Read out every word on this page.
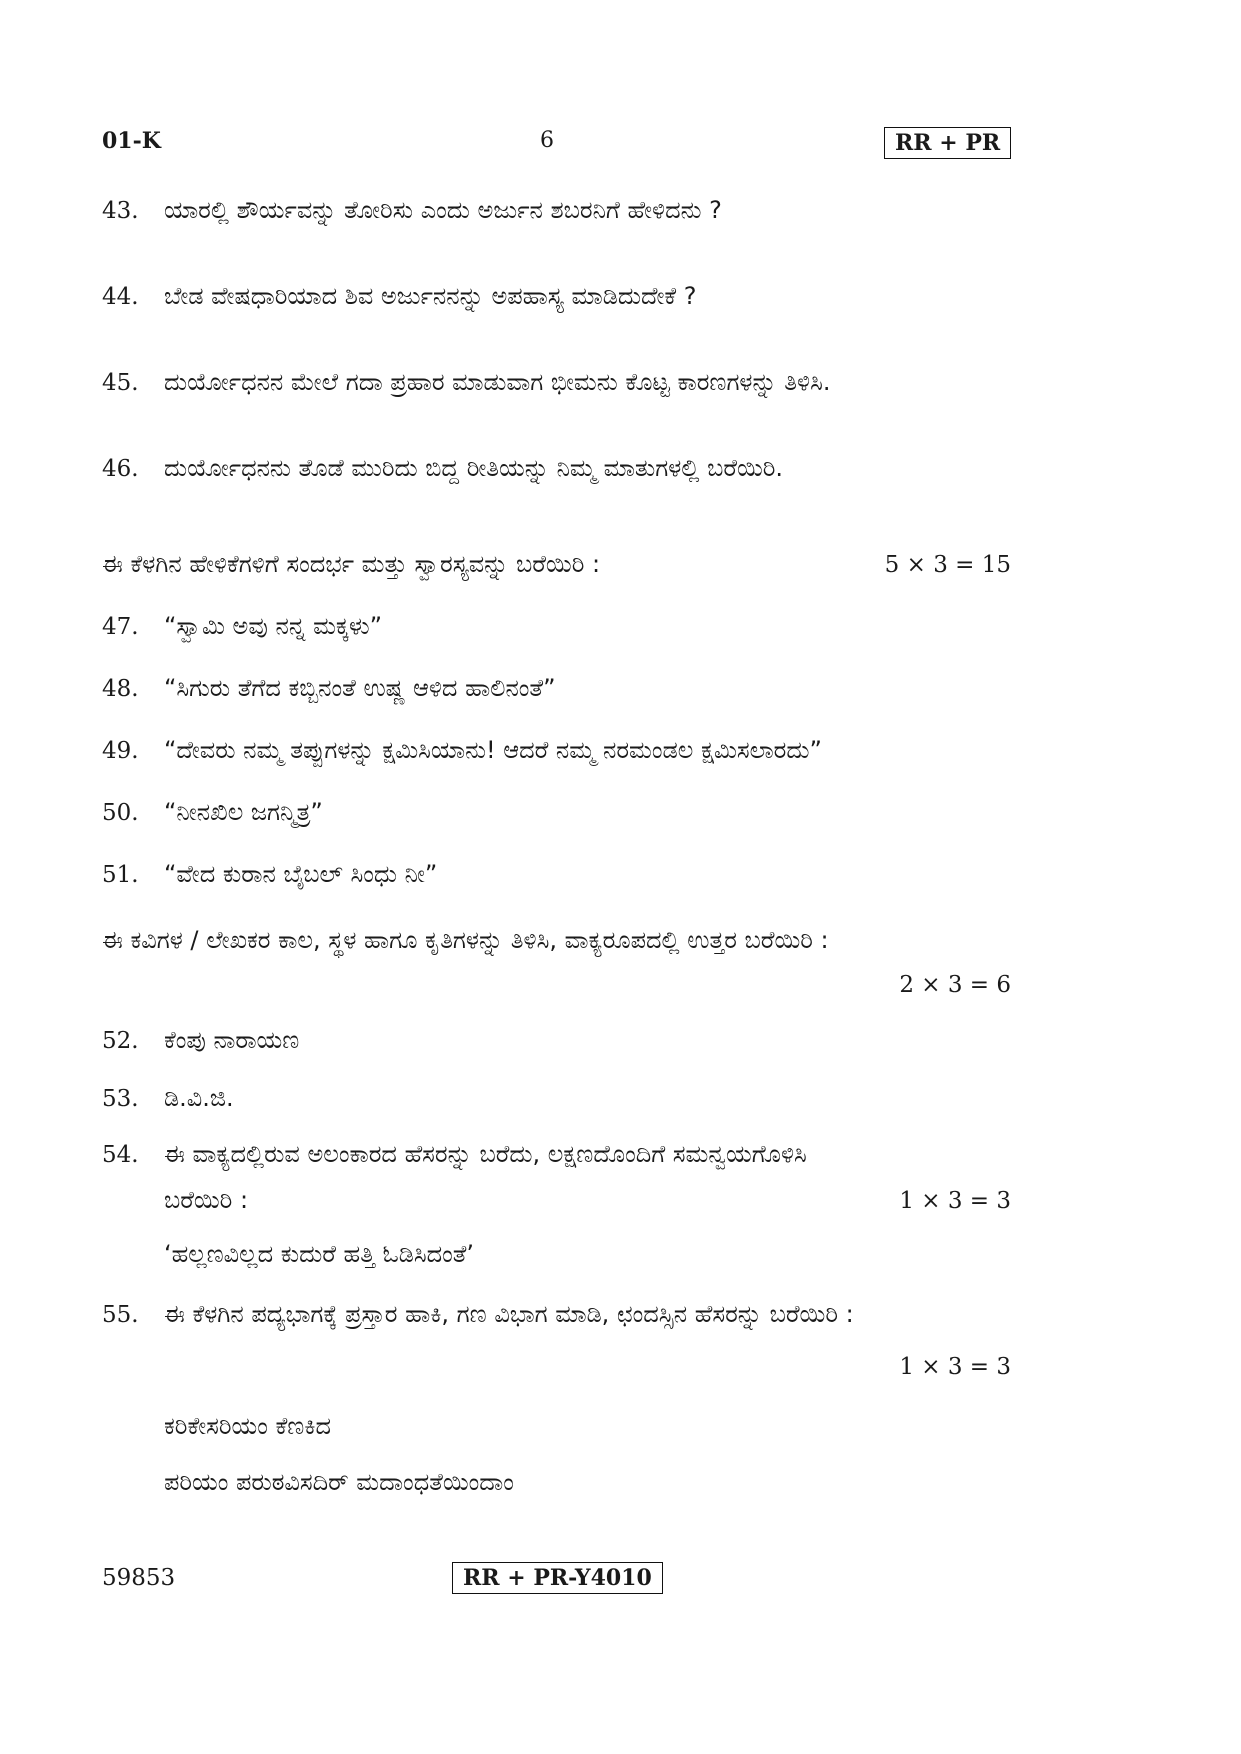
01-K	6	RR + PR
43. ಯಾರಲ್ಲಿ ಶೌರ್ಯವನ್ನು ತೋರಿಸು ಎಂದು ಅರ್ಜುನ ಶಬರನಿಗೆ ಹೇಳಿದನು ?
44. ಬೇಡ ವೇಷಧಾರಿಯಾದ ಶಿವ ಅರ್ಜುನನನ್ನು ಅಪಹಾಸ್ಯ ಮಾಡಿದುದೇಕೆ ?
45. ದುರ್ಯೋಧನನ ಮೇಲೆ ಗದಾ ಪ್ರಹಾರ ಮಾಡುವಾಗ ಭೀಮನು ಕೊಟ್ಟ ಕಾರಣಗಳನ್ನು ತಿಳಿಸಿ.
46. ದುರ್ಯೋಧನನು ತೊಡೆ ಮುರಿದು ಬಿದ್ದ ರೀತಿಯನ್ನು ನಿಮ್ಮ ಮಾತುಗಳಲ್ಲಿ ಬರೆಯಿರಿ.
ಈ ಕೆಳಗಿನ ಹೇಳಿಕೆಗಳಿಗೆ ಸಂದರ್ಭ ಮತ್ತು ಸ್ವಾರಸ್ಯವನ್ನು ಬರೆಯಿರಿ :	5 × 3 = 15
47. “ಸ್ವಾಮಿ ಅವು ನನ್ನ ಮಕ್ಕಳು”
48. “ಸಿಗುರು ತೆಗೆದ ಕಬ್ಬಿನಂತೆ ಉಷ್ಣ ಆಳಿದ ಹಾಲಿನಂತೆ”
49. “ದೇವರು ನಮ್ಮ ತಪ್ಪುಗಳನ್ನು ಕ್ಷಮಿಸಿಯಾನು! ಆದರೆ ನಮ್ಮ ನರಮಂಡಲ ಕ್ಷಮಿಸಲಾರದು”
50. “ನೀನಖಿಲ ಜಗನ್ಮಿತ್ರ”
51. “ವೇದ ಕುರಾನ ಬೈಬಲ್ ಸಿಂಧು ನೀ”
ಈ ಕವಿಗಳ / ಲೇಖಕರ ಕಾಲ, ಸ್ಥಳ ಹಾಗೂ ಕೃತಿಗಳನ್ನು ತಿಳಿಸಿ, ವಾಕ್ಯರೂಪದಲ್ಲಿ ಉತ್ತರ ಬರೆಯಿರಿ :
2 × 3 = 6
52. ಕೆಂಪು ನಾರಾಯಣ
53. ಡಿ.ವಿ.ಜಿ.
54. ಈ ವಾಕ್ಯದಲ್ಲಿರುವ ಅಲಂಕಾರದ ಹೆಸರನ್ನು ಬರೆದು, ಲಕ್ಷಣದೊಂದಿಗೆ ಸಮನ್ವಯಗೊಳಿಸಿ
ಬರೆಯಿರಿ :	1 × 3 = 3
‘ಹಲ್ಲಣವಿಲ್ಲದ ಕುದುರೆ ಹತ್ತಿ ಓಡಿಸಿದಂತೆ’
55. ಈ ಕೆಳಗಿನ ಪದ್ಯಭಾಗಕ್ಕೆ ಪ್ರಸ್ತಾರ ಹಾಕಿ, ಗಣ ವಿಭಾಗ ಮಾಡಿ, ಛಂದಸ್ಸಿನ ಹೆಸರನ್ನು ಬರೆಯಿರಿ :
1 × 3 = 3
ಕರಿಕೇಸರಿಯಂ ಕೆಣಕಿದ
ಪರಿಯಂ ಪರುಠವಿಸದಿರ್ ಮದಾಂಧತೆಯಿಂದಾಂ
59853	RR + PR-Y4010
